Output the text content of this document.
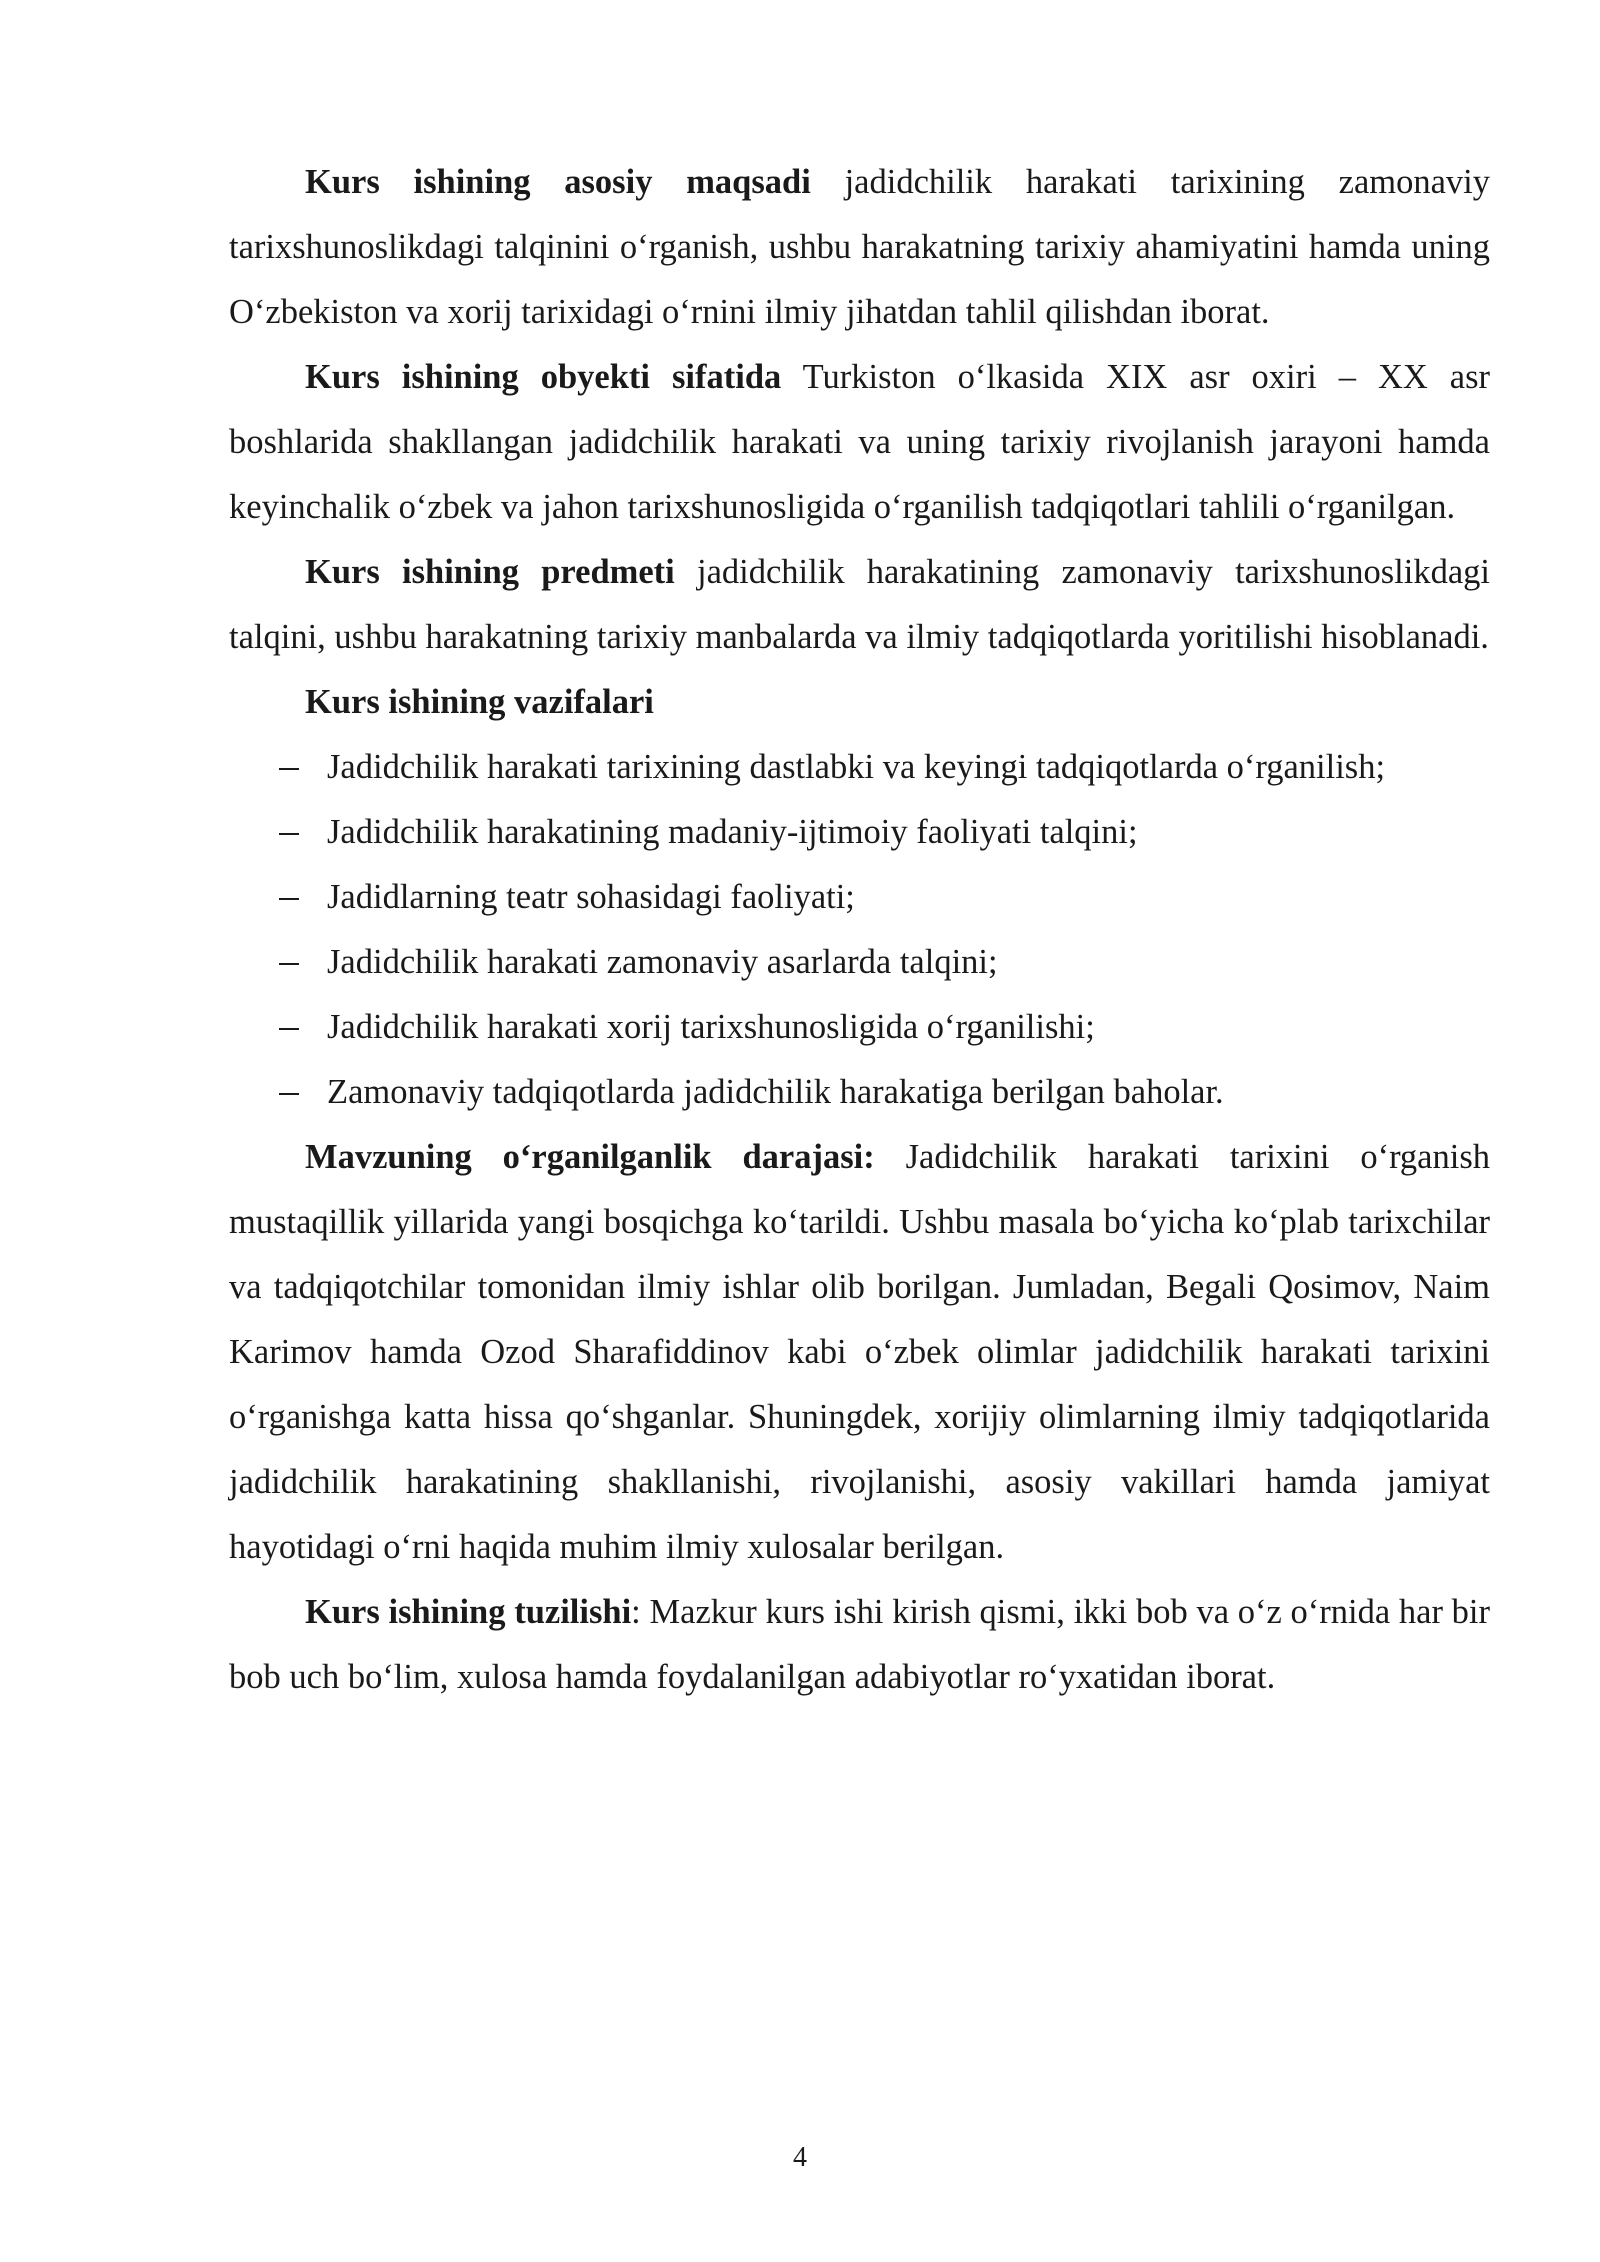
Kurs ishining asosiy maqsadi jadidchilik harakati tarixining zamonaviy tarixshunoslikdagi talqinini o‘rganish, ushbu harakatning tarixiy ahamiyatini hamda uning O‘zbekiston va xorij tarixidagi o‘rnini ilmiy jihatdan tahlil qilishdan iborat.

Kurs ishining obyekti sifatida Turkiston o‘lkasida XIX asr oxiri – XX asr boshlarida shakllangan jadidchilik harakati va uning tarixiy rivojlanish jarayoni hamda keyinchalik o‘zbek va jahon tarixshunosligida o‘rganilish tadqiqotlari tahlili o‘rganilgan.

Kurs ishining predmeti jadidchilik harakatining zamonaviy tarixshunoslikdagi talqini, ushbu harakatning tarixiy manbalarda va ilmiy tadqiqotlarda yoritilishi hisoblanadi.

Kurs ishining vazifalari

Jadidchilik harakati tarixining dastlabki va keyingi tadqiqotlarda o‘rganilish;
Jadidchilik harakatining madaniy-ijtimoiy faoliyati talqini;
Jadidlarning teatr sohasidagi faoliyati;
Jadidchilik harakati zamonaviy asarlarda talqini;
Jadidchilik harakati xorij tarixshunosligida o‘rganilishi;
Zamonaviy tadqiqotlarda jadidchilik harakatiga berilgan baholar.

Mavzuning o‘rganilganlik darajasi: Jadidchilik harakati tarixini o‘rganish mustaqillik yillarida yangi bosqichga ko‘tarildi. Ushbu masala bo‘yicha ko‘plab tarixchilar va tadqiqotchilar tomonidan ilmiy ishlar olib borilgan. Jumladan, Begali Qosimov, Naim Karimov hamda Ozod Sharafiddinov kabi o‘zbek olimlar jadidchilik harakati tarixini o‘rganishga katta hissa qo‘shganlar. Shuningdek, xorijiy olimlarning ilmiy tadqiqotlarida jadidchilik harakatining shakllanishi, rivojlanishi, asosiy vakillari hamda jamiyat hayotidagi o‘rni haqida muhim ilmiy xulosalar berilgan.

Kurs ishining tuzilishi: Mazkur kurs ishi kirish qismi, ikki bob va o‘z o‘rnida har bir bob uch bo‘lim, xulosa hamda foydalanilgan adabiyotlar ro‘yxatidan iborat.

4
